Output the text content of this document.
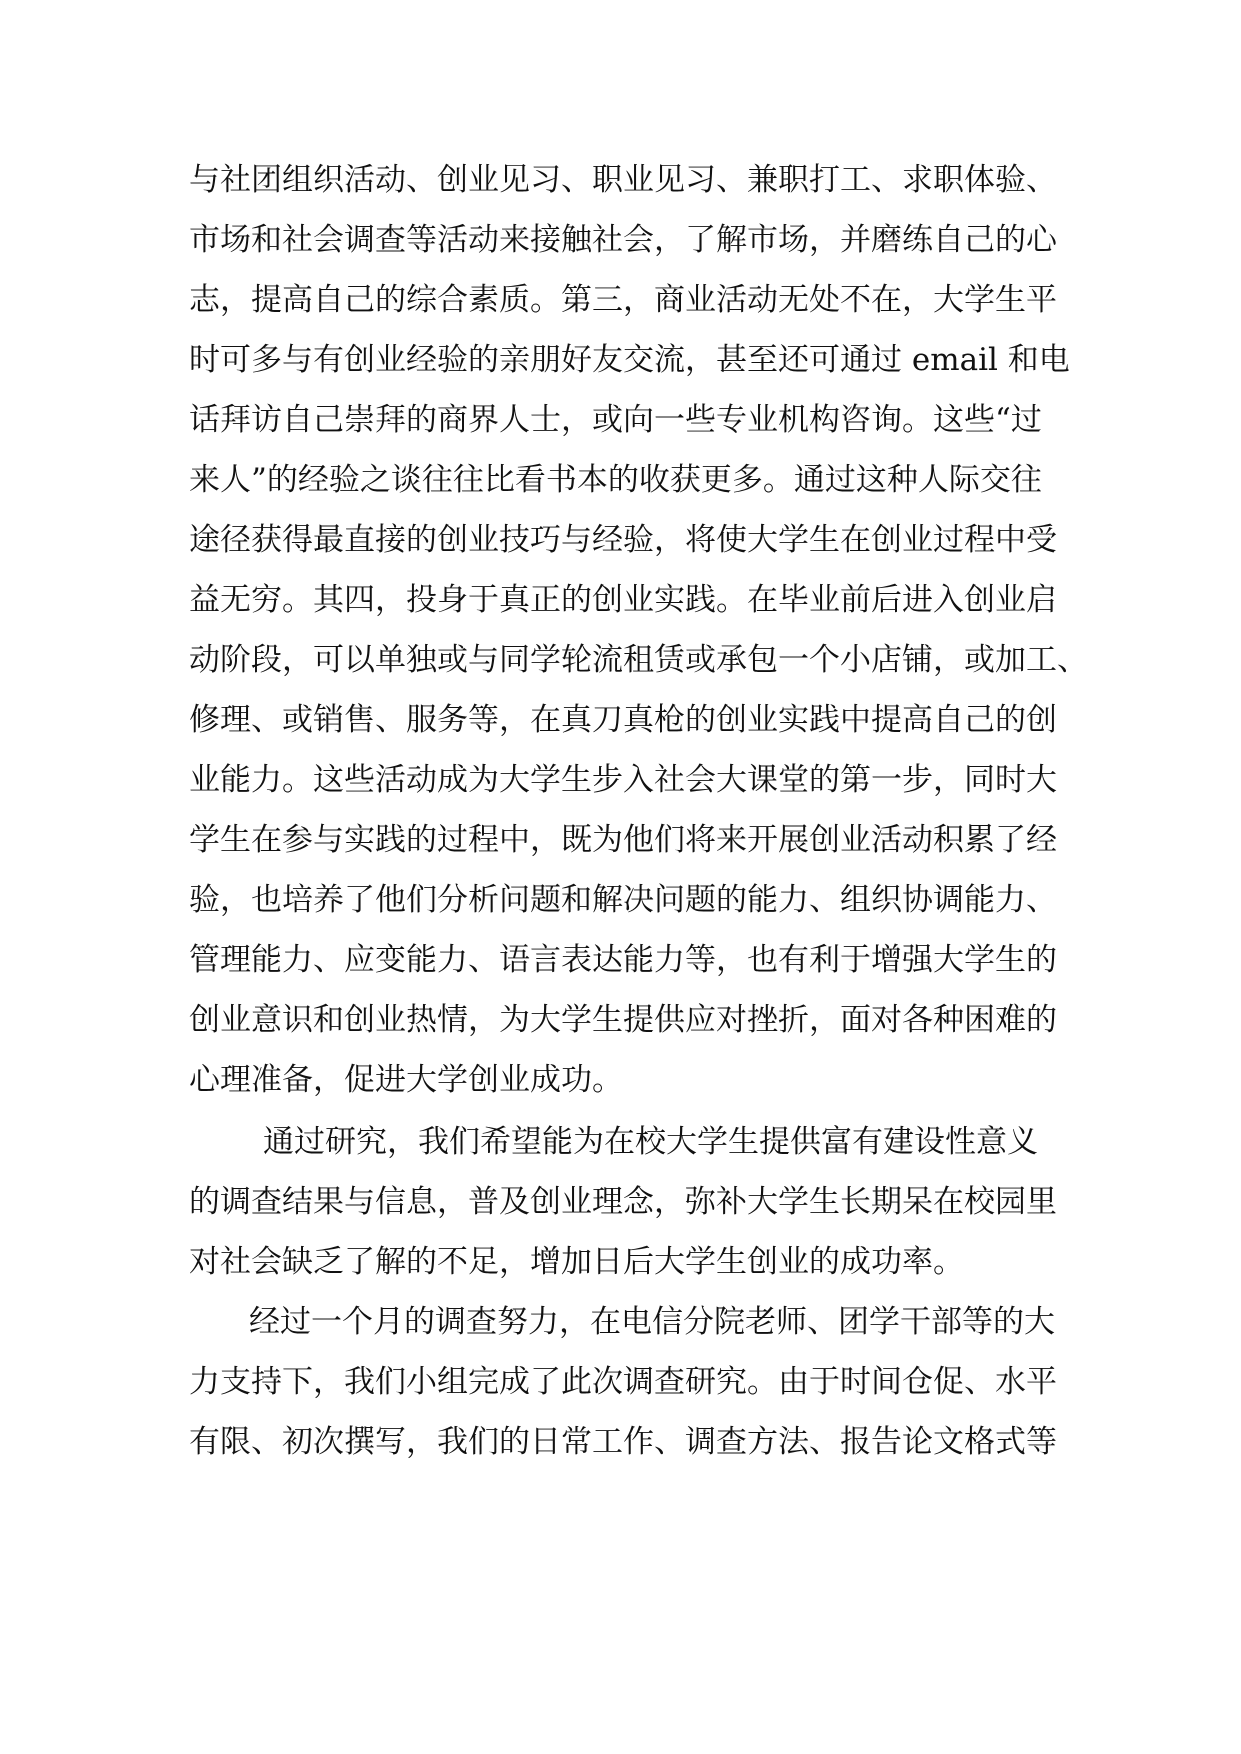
与社团组织活动、创业见习、职业见习、兼职打工、求职体验、
市场和社会调查等活动来接触社会，了解市场，并磨练自己的心
志，提高自己的综合素质。第三，商业活动无处不在，大学生平
时可多与有创业经验的亲朋好友交流，甚至还可通过 email 和电
话拜访自己崇拜的商界人士，或向一些专业机构咨询。这些“过
来人”的经验之谈往往比看书本的收获更多。通过这种人际交往
途径获得最直接的创业技巧与经验，将使大学生在创业过程中受
益无穷。其四，投身于真正的创业实践。在毕业前后进入创业启
动阶段，可以单独或与同学轮流租赁或承包一个小店铺，或加工、
修理、或销售、服务等，在真刀真枪的创业实践中提高自己的创
业能力。这些活动成为大学生步入社会大课堂的第一步，同时大
学生在参与实践的过程中，既为他们将来开展创业活动积累了经
验，也培养了他们分析问题和解决问题的能力、组织协调能力、
管理能力、应变能力、语言表达能力等，也有利于增强大学生的
创业意识和创业热情，为大学生提供应对挫折，面对各种困难的
心理准备，促进大学创业成功。
通过研究，我们希望能为在校大学生提供富有建设性意义
的调查结果与信息，普及创业理念，弥补大学生长期呆在校园里
对社会缺乏了解的不足，增加日后大学生创业的成功率。
经过一个月的调查努力，在电信分院老师、团学干部等的大
力支持下，我们小组完成了此次调查研究。由于时间仓促、水平
有限、初次撰写，我们的日常工作、调查方法、报告论文格式等
